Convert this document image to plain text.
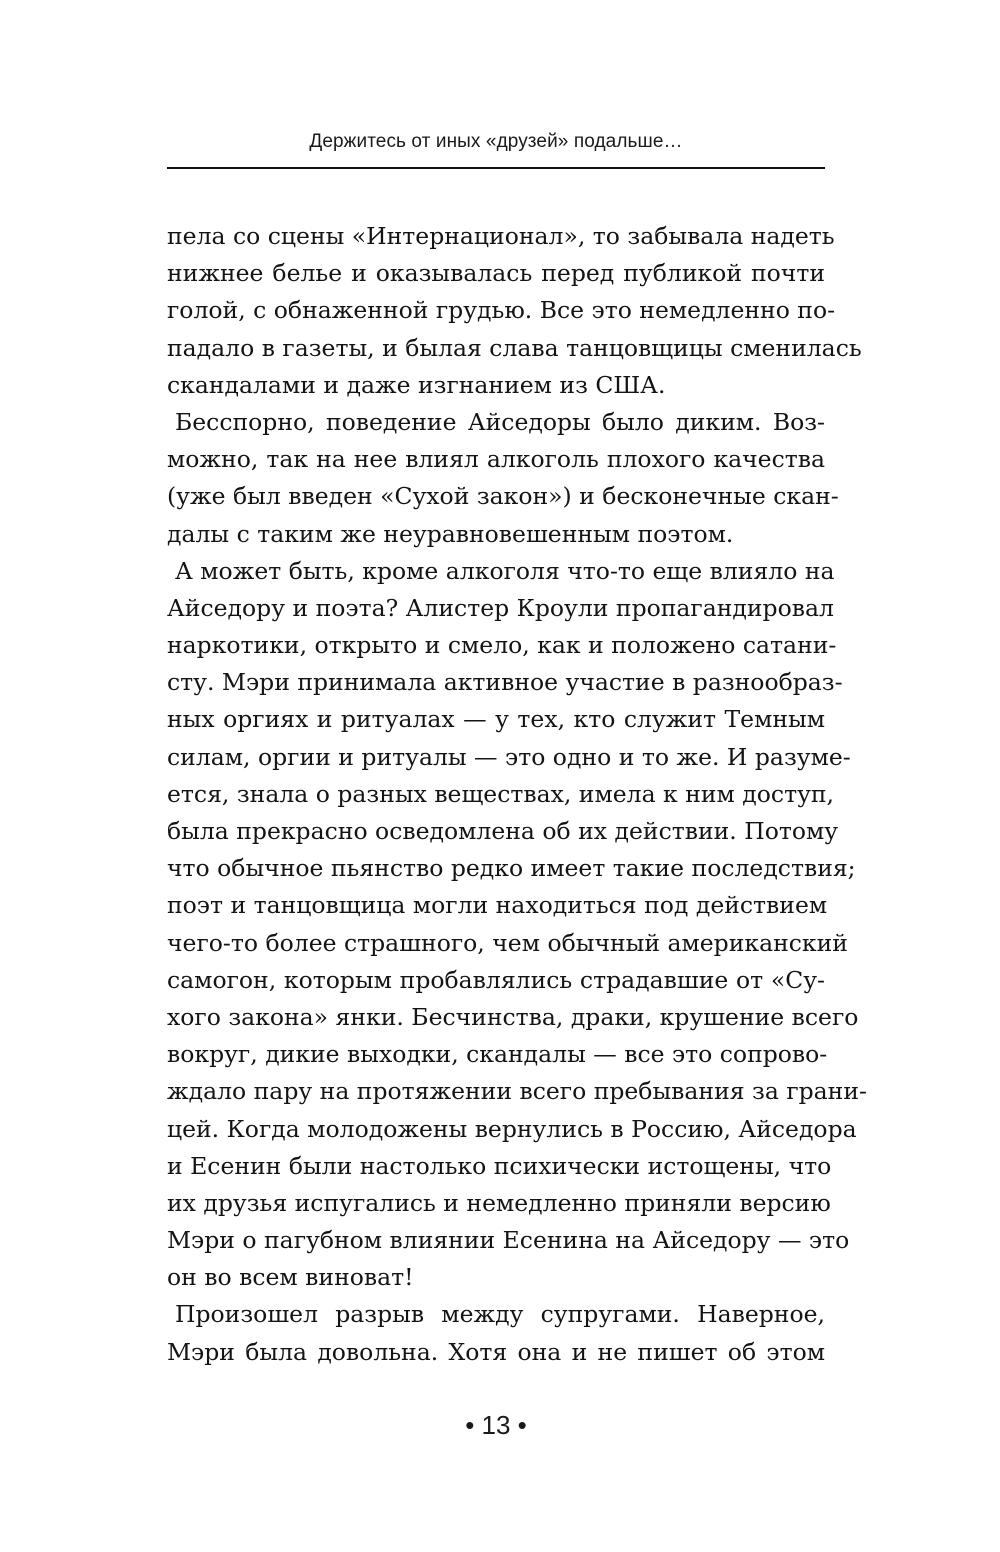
Держитесь от иных «друзей» подальше…
пела со сцены «Интернационал», то забывала надеть
нижнее белье и оказывалась перед публикой почти
голой, с обнаженной грудью. Все это немедленно по-
падало в газеты, и былая слава танцовщицы сменилась
скандалами и даже изгнанием из США.
Бесспорно, поведение Айседоры было диким. Воз-
можно, так на нее влиял алкоголь плохого качества
(уже был введен «Сухой закон») и бесконечные скан-
далы с таким же неуравновешенным поэтом.
А может быть, кроме алкоголя что-то еще влияло на
Айседору и поэта? Алистер Кроули пропагандировал
наркотики, открыто и смело, как и положено сатани-
сту. Мэри принимала активное участие в разнообраз-
ных оргиях и ритуалах — у тех, кто служит Темным
силам, оргии и ритуалы — это одно и то же. И разуме-
ется, знала о разных веществах, имела к ним доступ,
была прекрасно осведомлена об их действии. Потому
что обычное пьянство редко имеет такие последствия;
поэт и танцовщица могли находиться под действием
чего-то более страшного, чем обычный американский
самогон, которым пробавлялись страдавшие от «Су-
хого закона» янки. Бесчинства, драки, крушение всего
вокруг, дикие выходки, скандалы — все это сопрово-
ждало пару на протяжении всего пребывания за грани-
цей. Когда молодожены вернулись в Россию, Айседора
и Есенин были настолько психически истощены, что
их друзья испугались и немедленно приняли версию
Мэри о пагубном влиянии Есенина на Айседору — это
он во всем виноват!
Произошел разрыв между супругами. Наверное,
Мэри была довольна. Хотя она и не пишет об этом
• 13 •
